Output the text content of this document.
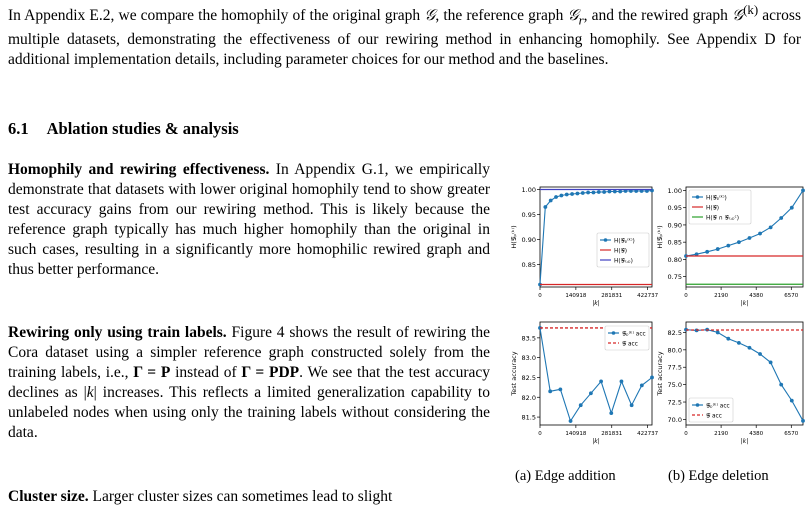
In Appendix E.2, we compare the homophily of the original graph 𝒢, the reference graph 𝒢$_r$, and the rewired graph 𝒢$^{(k)}$ across multiple datasets, demonstrating the effectiveness of our rewiring method in enhancing homophily. See Appendix D for additional implementation details, including parameter choices for our method and the baselines.
6.1 Ablation studies & analysis
Homophily and rewiring effectiveness. In Appendix G.1, we empirically demonstrate that datasets with lower original homophily tend to show greater test accuracy gains from our rewiring method. This is likely because the reference graph typically has much higher homophily than the original in such cases, resulting in a significantly more homophilic rewired graph and thus better performance.
Rewiring only using train labels. Figure 4 shows the result of rewiring the Cora dataset using a simpler reference graph constructed solely from the training labels, i.e., Γ = P instead of Γ = PDP. We see that the test accuracy declines as |k| increases. This reflects a limited generalization capability to unlabeled nodes when using only the training labels without considering the data.
Cluster size. Larger cluster sizes can sometimes lead to slight
0.85
0.90
0.95
1.00
0	140918	281831	422737
|k|
H(𝒢ₚ⁽ᵏ⁾)	H(𝒢ₚ⁽ᵏ⁾)
H(𝒢)
H(𝒢ᵣ,ₚ)
0.75
0.80
0.85
0.90
0.95
1.00
0	2190	4380	6570
|k|
H(𝒢ₚ⁽ᵏ⁾)
H(𝒢ₚ⁽ᵏ⁾)
H(𝒢)
H(𝒢 ∩ 𝒢ᵣ,ₚᶜ)
81.5
82.0
82.5
83.0
83.5
0	140918	281831	422737
|k|
Test accuracy
𝒢ₚ⁽ᵏ⁾ acc
𝒢 acc
70.0
72.5
75.0
77.5
80.0
82.5
0	2190	4380	6570
|k|
Test accuracy
𝒢ₚ⁽ᵏ⁾ acc
𝒢 acc
(a) Edge addition	(b) Edge deletion
